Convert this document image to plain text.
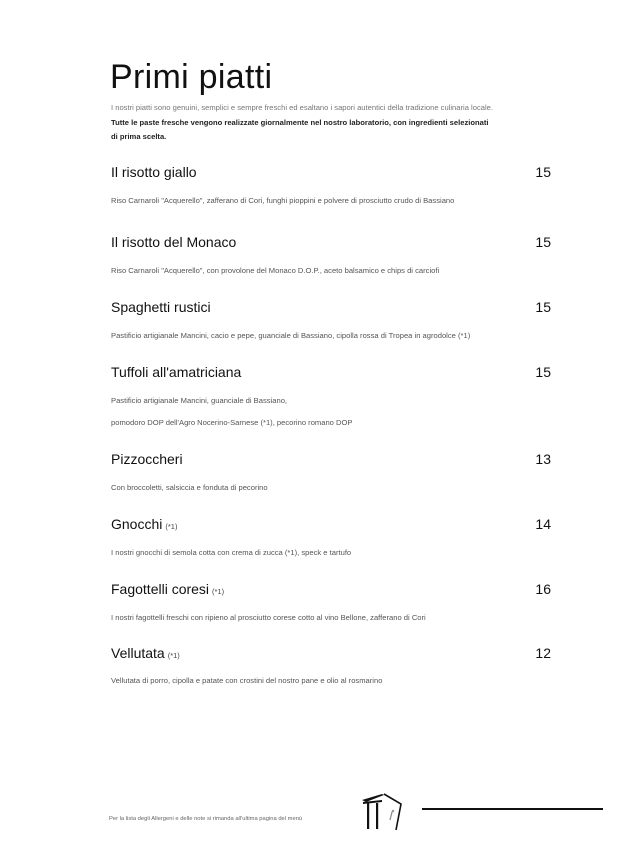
Primi piatti
I nostri piatti sono genuini, semplici e sempre freschi ed esaltano i sapori autentici della tradizione culinaria locale.
Tutte le paste fresche vengono realizzate giornalmente nel nostro laboratorio, con ingredienti selezionati
di prima scelta.
Il risotto giallo	15
Riso Carnaroli "Acquerello", zafferano di Cori, funghi pioppini e polvere di prosciutto crudo di Bassiano
Il risotto del Monaco	15
Riso Carnaroli "Acquerello", con provolone del Monaco D.O.P., aceto balsamico e chips di carciofi
Spaghetti rustici	15
Pastificio artigianale Mancini, cacio e pepe, guanciale di Bassiano, cipolla rossa di Tropea in agrodolce (*1)
Tuffoli all'amatriciana	15
Pastificio artigianale Mancini, guanciale di Bassiano,
pomodoro DOP dell'Agro Nocerino-Sarnese (*1), pecorino romano DOP
Pizzoccheri	13
Con broccoletti, salsiccia e fonduta di pecorino
Gnocchi (*1)	14
I nostri gnocchi di semola cotta con crema di zucca (*1), speck e tartufo
Fagottelli coresi (*1)	16
I nostri fagottelli freschi con ripieno al prosciutto corese cotto al vino Bellone, zafferano di Cori
Vellutata (*1)	12
Vellutata di porro, cipolla e patate con crostini del nostro pane e olio al rosmarino
Per la lista degli Allergeni e delle note si rimanda all'ultima pagina del menù
